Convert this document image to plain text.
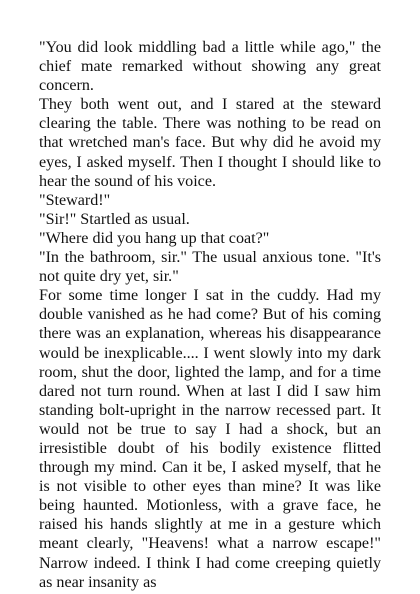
"You did look middling bad a little while ago," the chief mate remarked without showing any great concern.

They both went out, and I stared at the steward clearing the table. There was nothing to be read on that wretched man's face. But why did he avoid my eyes, I asked myself. Then I thought I should like to hear the sound of his voice.

"Steward!"

"Sir!" Startled as usual.

"Where did you hang up that coat?"

"In the bathroom, sir." The usual anxious tone. "It's not quite dry yet, sir."

For some time longer I sat in the cuddy. Had my double vanished as he had come? But of his coming there was an explanation, whereas his disappearance would be inexplicable.... I went slowly into my dark room, shut the door, lighted the lamp, and for a time dared not turn round. When at last I did I saw him standing bolt-upright in the narrow recessed part. It would not be true to say I had a shock, but an irresistible doubt of his bodily existence flitted through my mind. Can it be, I asked myself, that he is not visible to other eyes than mine? It was like being haunted. Motionless, with a grave face, he raised his hands slightly at me in a gesture which meant clearly, "Heavens! what a narrow escape!" Narrow indeed. I think I had come creeping quietly as near insanity as
